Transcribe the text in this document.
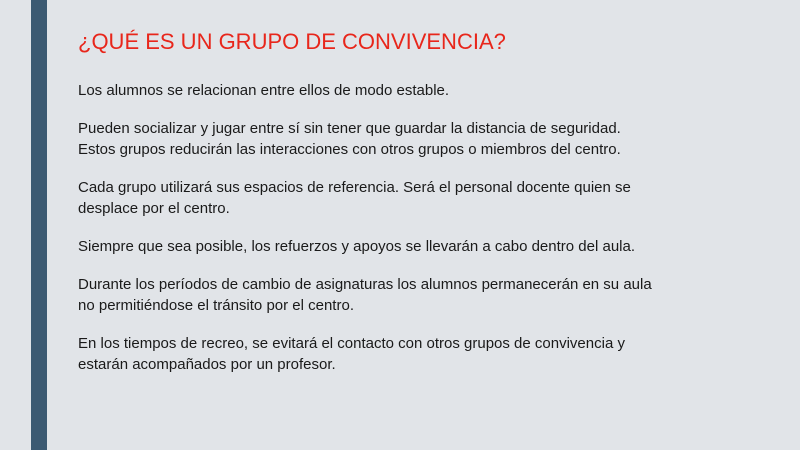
¿QUÉ ES UN GRUPO DE CONVIVENCIA?

Los alumnos se relacionan entre ellos de modo estable.

Pueden socializar y jugar entre sí sin tener que guardar la distancia de seguridad.
Estos grupos reducirán las interacciones con otros grupos o miembros del centro.

Cada grupo utilizará sus espacios de referencia. Será el personal docente quien se
desplace por el centro.

Siempre que sea posible, los refuerzos y apoyos se llevarán a cabo dentro del aula.

Durante los períodos de cambio de asignaturas los alumnos permanecerán en su aula
no permitiéndose el tránsito por el centro.

En los tiempos de recreo, se evitará el contacto con otros grupos de convivencia y
estarán acompañados por un profesor.
